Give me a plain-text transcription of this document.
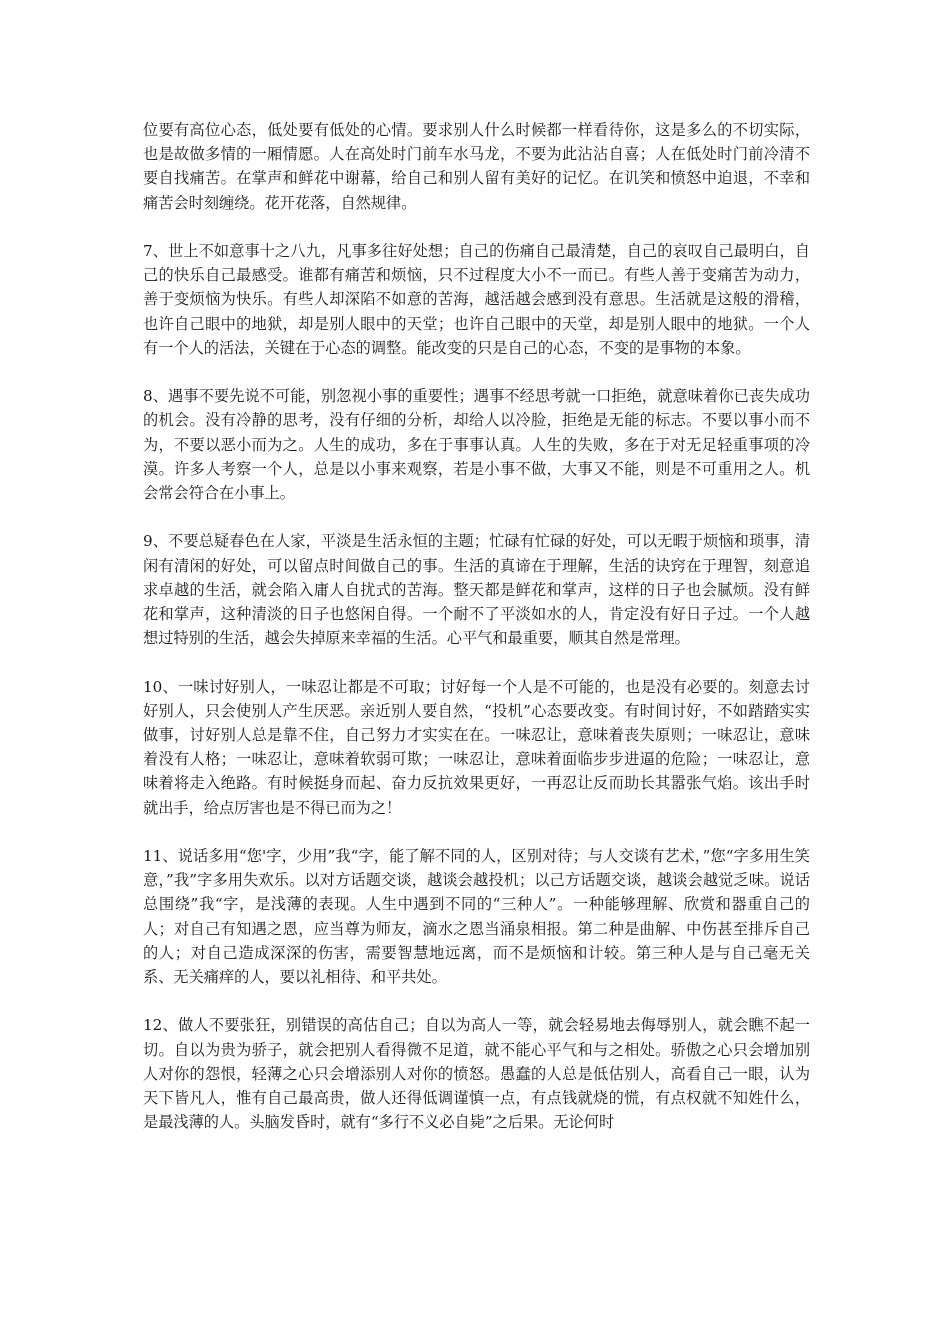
位要有高位心态，低处要有低处的心情。要求别人什么时候都一样看待你，这是多么的不切实际，也是故做多情的一厢情愿。人在高处时门前车水马龙，不要为此沾沾自喜；人在低处时门前冷清不要自找痛苦。在掌声和鲜花中谢幕，给自己和别人留有美好的记忆。在讥笑和愤怒中迫退，不幸和痛苦会时刻缠绕。花开花落，自然规律。

7、世上不如意事十之八九，凡事多往好处想；自己的伤痛自己最清楚，自己的哀叹自己最明白，自己的快乐自己最感受。谁都有痛苦和烦恼，只不过程度大小不一而已。有些人善于变痛苦为动力，善于变烦恼为快乐。有些人却深陷不如意的苦海，越活越会感到没有意思。生活就是这般的滑稽，也许自己眼中的地狱，却是别人眼中的天堂；也许自己眼中的天堂，却是别人眼中的地狱。一个人有一个人的活法，关键在于心态的调整。能改变的只是自己的心态，不变的是事物的本象。

8、遇事不要先说不可能，别忽视小事的重要性；遇事不经思考就一口拒绝，就意味着你已丧失成功的机会。没有冷静的思考，没有仔细的分析，却给人以冷脸，拒绝是无能的标志。不要以事小而不为，不要以恶小而为之。人生的成功，多在于事事认真。人生的失败，多在于对无足轻重事项的冷漠。许多人考察一个人，总是以小事来观察，若是小事不做，大事又不能，则是不可重用之人。机会常会符合在小事上。

9、不要总疑春色在人家，平淡是生活永恒的主题；忙碌有忙碌的好处，可以无暇于烦恼和琐事，清闲有清闲的好处，可以留点时间做自己的事。生活的真谛在于理解，生活的诀窍在于理智，刻意追求卓越的生活，就会陷入庸人自扰式的苦海。整天都是鲜花和掌声，这样的日子也会腻烦。没有鲜花和掌声，这种清淡的日子也悠闲自得。一个耐不了平淡如水的人，肯定没有好日子过。一个人越想过特别的生活，越会失掉原来幸福的生活。心平气和最重要，顺其自然是常理。

10、一味讨好别人，一味忍让都是不可取；讨好每一个人是不可能的，也是没有必要的。刻意去讨好别人，只会使别人产生厌恶。亲近别人要自然，“投机”心态要改变。有时间讨好，不如踏踏实实做事，讨好别人总是靠不住，自己努力才实实在在。一味忍让，意味着丧失原则；一味忍让，意味着没有人格；一味忍让，意味着软弱可欺；一味忍让，意味着面临步步进逼的危险；一味忍让，意味着将走入绝路。有时候挺身而起、奋力反抗效果更好，一再忍让反而助长其嚣张气焰。该出手时就出手，给点厉害也是不得已而为之！

11、说话多用“您'字，少用”我“字，能了解不同的人，区别对待；与人交谈有艺术，”您“字多用生笑意，”我”字多用失欢乐。以对方话题交谈，越谈会越投机；以己方话题交谈，越谈会越觉乏味。说话总围绕”我“字，是浅薄的表现。人生中遇到不同的“三种人”。一种能够理解、欣赏和器重自己的人；对自己有知遇之恩，应当尊为师友，滴水之恩当涌泉相报。第二种是曲解、中伤甚至排斥自己的人；对自己造成深深的伤害，需要智慧地远离，而不是烦恼和计较。第三种人是与自己毫无关系、无关痛痒的人，要以礼相待、和平共处。

12、做人不要张狂，别错误的高估自己；自以为高人一等，就会轻易地去侮辱别人，就会瞧不起一切。自以为贵为骄子，就会把别人看得微不足道，就不能心平气和与之相处。骄傲之心只会增加别人对你的怨恨，轻薄之心只会增添别人对你的愤怒。愚蠢的人总是低估别人，高看自己一眼，认为天下皆凡人，惟有自己最高贵，做人还得低调谨慎一点，有点钱就烧的慌，有点权就不知姓什么，是最浅薄的人。头脑发昏时，就有“多行不义必自毙”之后果。无论何时
